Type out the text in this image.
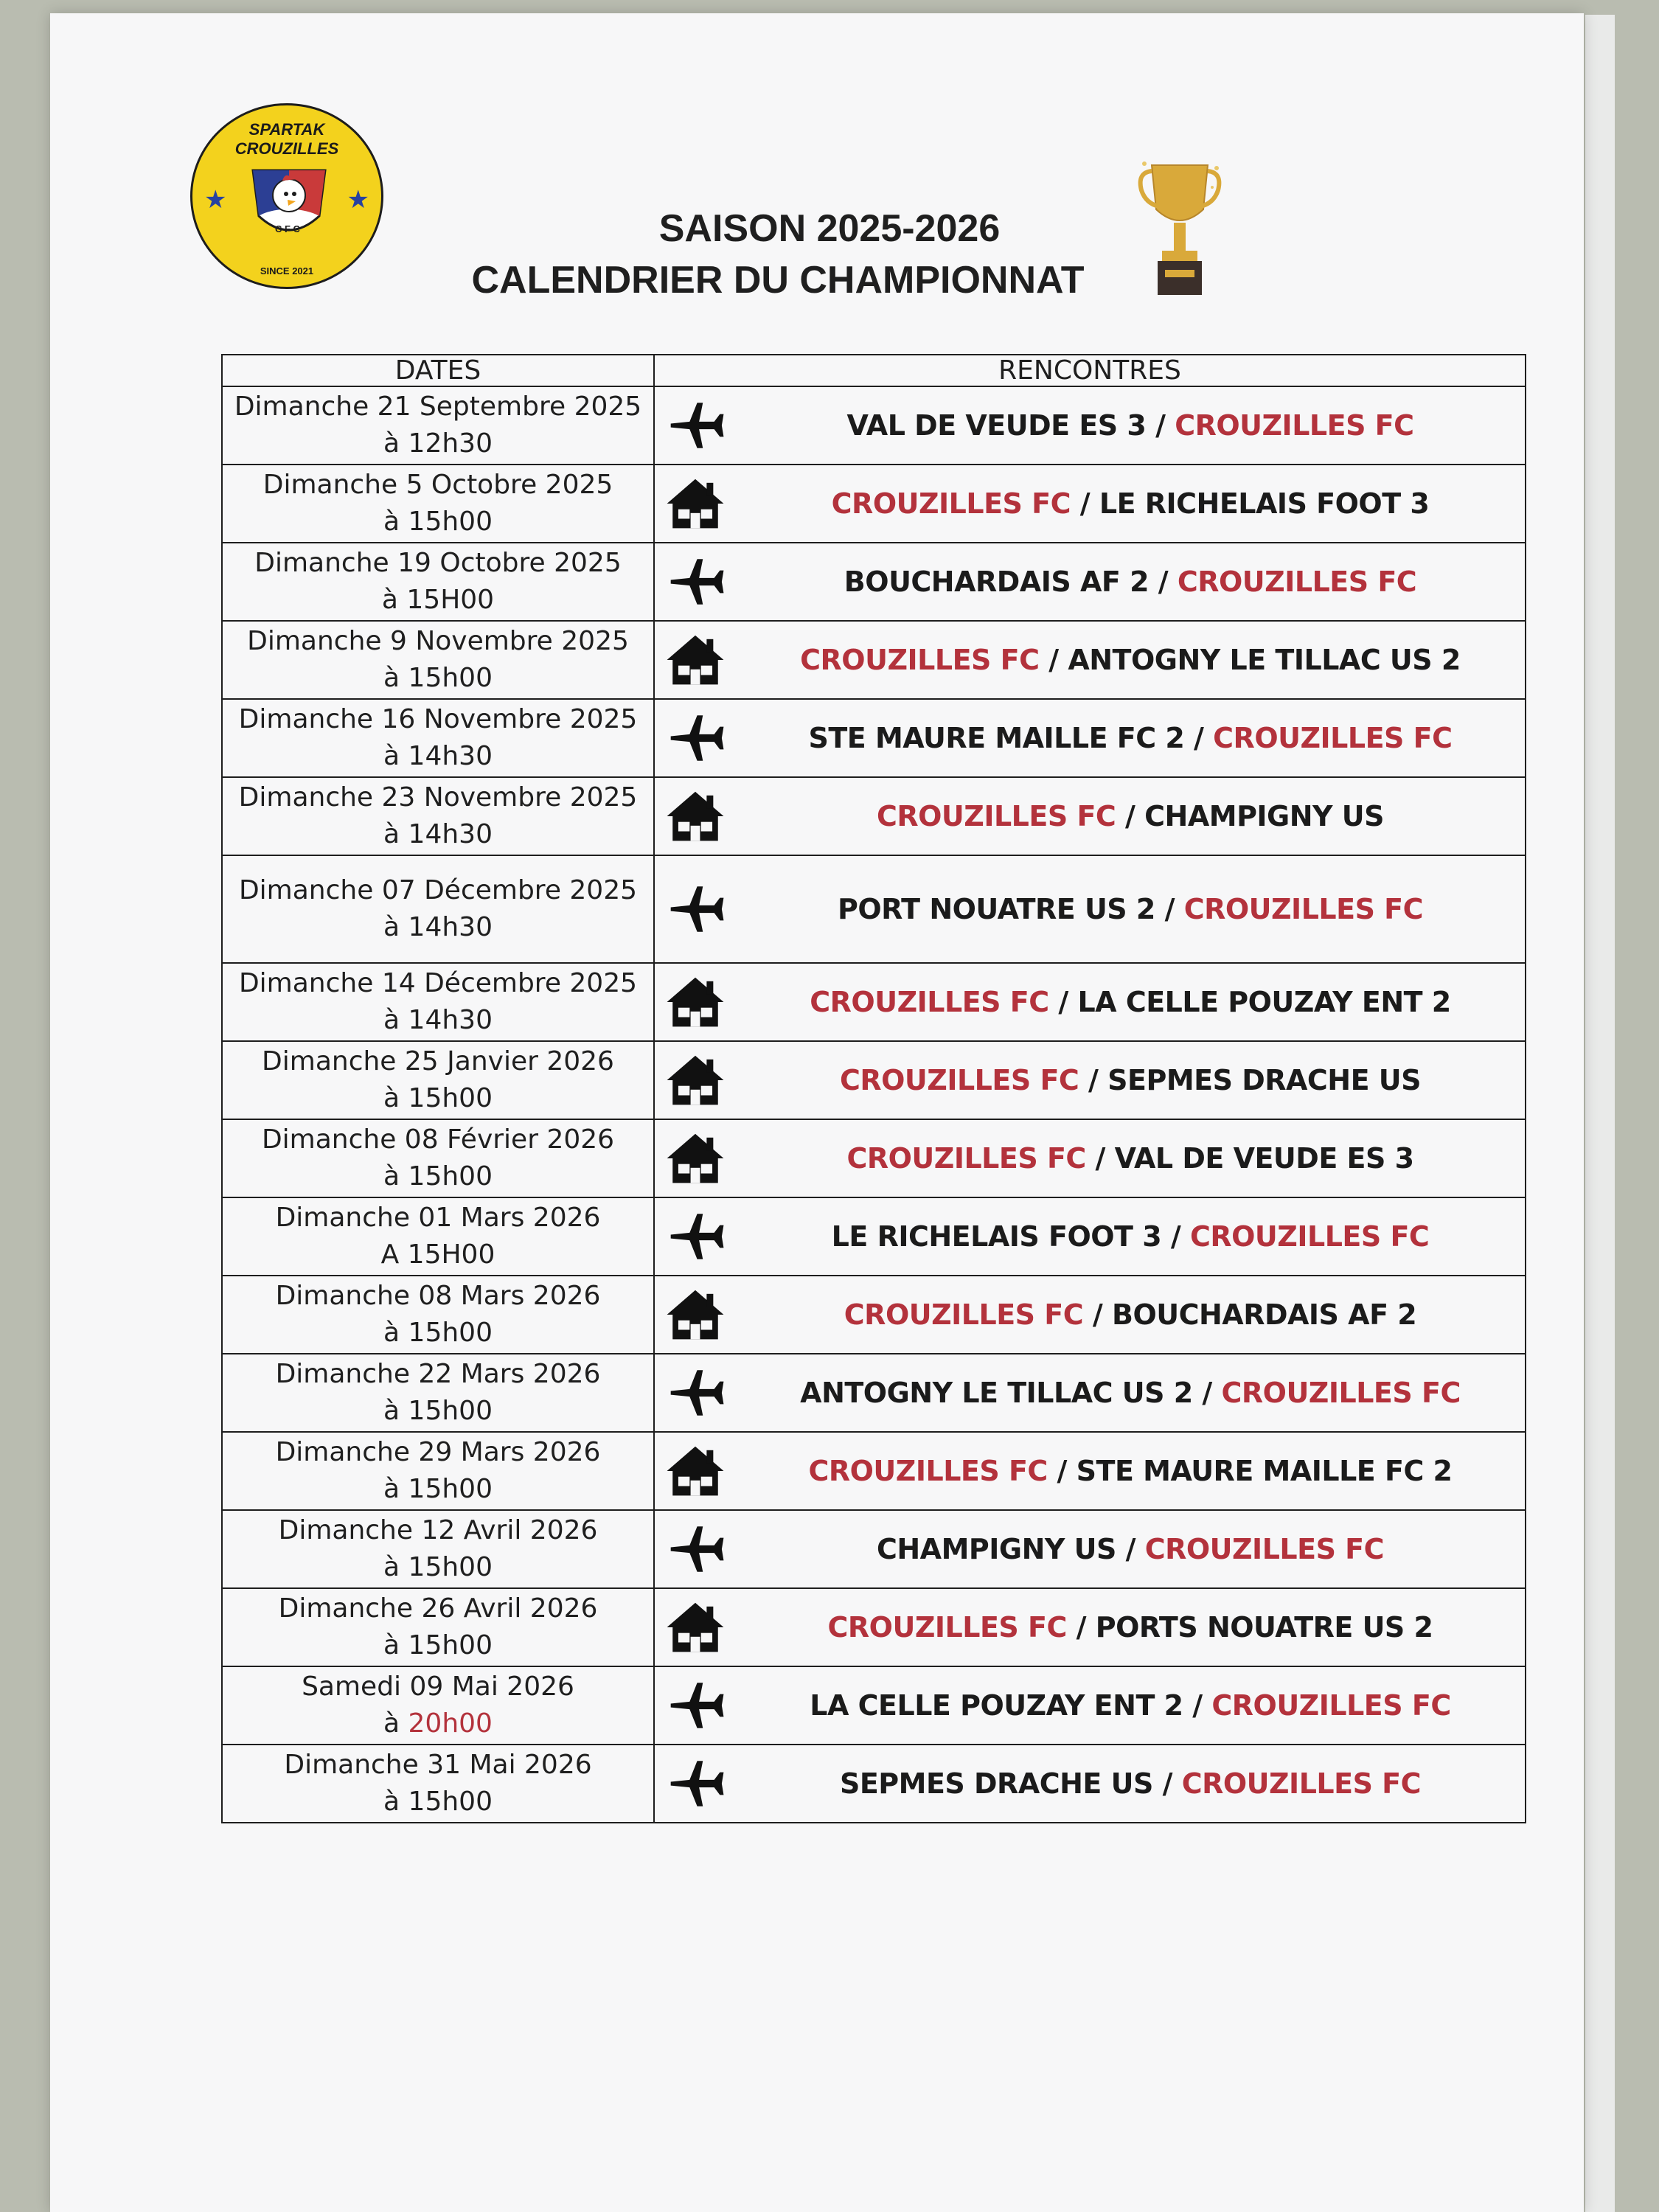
SPARTAK
CROUZILLES
★	★
C F C
SINCE 2021
SAISON 2025-2026
CALENDRIER DU CHAMPIONNAT
DATES	RENCONTRES

Dimanche 21 Septembre 2025
à 12h30	VAL DE VEUDE ES 3 / CROUZILLES FC

Dimanche 5 Octobre 2025
à 15h00	CROUZILLES FC / LE RICHELAIS FOOT 3

Dimanche 19 Octobre 2025
à 15H00	BOUCHARDAIS AF 2 / CROUZILLES FC

Dimanche 9 Novembre 2025
à 15h00	CROUZILLES FC / ANTOGNY LE TILLAC US 2

Dimanche 16 Novembre 2025
à 14h30	STE MAURE MAILLE FC 2 / CROUZILLES FC

Dimanche 23 Novembre 2025
à 14h30	CROUZILLES FC / CHAMPIGNY US

Dimanche 07 Décembre 2025
à 14h30	PORT NOUATRE US 2 / CROUZILLES FC

Dimanche 14 Décembre 2025
à 14h30	CROUZILLES FC / LA CELLE POUZAY ENT 2

Dimanche 25 Janvier 2026
à 15h00	CROUZILLES FC / SEPMES DRACHE US

Dimanche 08 Février 2026
à 15h00	CROUZILLES FC / VAL DE VEUDE ES 3

Dimanche 01 Mars 2026
A 15H00	LE RICHELAIS FOOT 3 / CROUZILLES FC

Dimanche 08 Mars 2026
à 15h00	CROUZILLES FC / BOUCHARDAIS AF 2

Dimanche 22 Mars 2026
à 15h00	ANTOGNY LE TILLAC US 2 / CROUZILLES FC

Dimanche 29 Mars 2026
à 15h00	CROUZILLES FC / STE MAURE MAILLE FC 2

Dimanche 12 Avril 2026
à 15h00	CHAMPIGNY US / CROUZILLES FC

Dimanche 26 Avril 2026
à 15h00	CROUZILLES FC / PORTS NOUATRE US 2

Samedi 09 Mai 2026
à 20h00	LA CELLE POUZAY ENT 2 / CROUZILLES FC

Dimanche 31 Mai 2026
à 15h00	SEPMES DRACHE US / CROUZILLES FC
